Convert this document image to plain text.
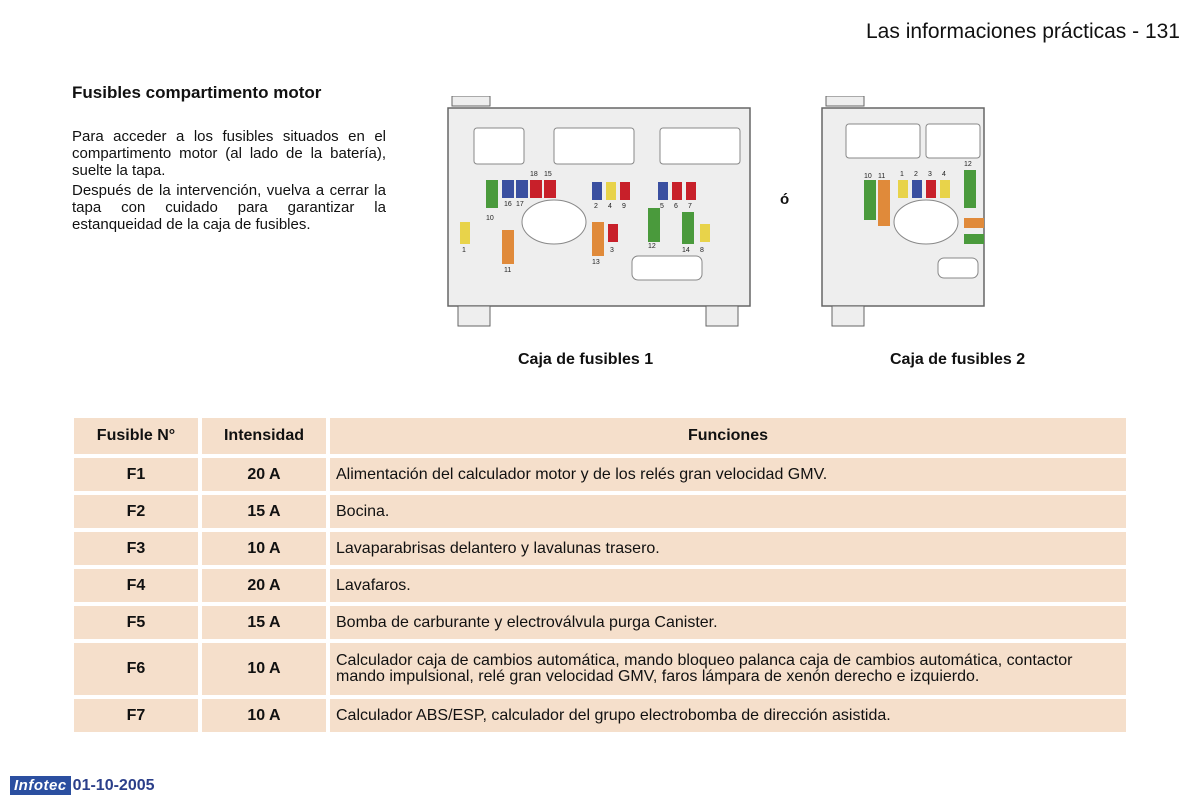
Las informaciones prácticas - 131
Fusibles compartimento motor
Para acceder a los fusibles situados en el compartimento motor (al lado de la batería), suelte la tapa.
Después de la intervención, vuelva a cerrar la tapa con cuidado para garantizar la estanqueidad de la caja de fusibles.	10
16 17
18 15
1
11
2 4 9
13
3
5 6 7
12
14 8
ó
10 11 1 2 3 4
12
Caja de fusibles 1	Caja de fusibles 2
Fusible N°	Intensidad	Funciones
F1	20 A	Alimentación del calculador motor y de los relés gran velocidad GMV.
F2	15 A	Bocina.
F3	10 A	Lavaparabrisas delantero y lavalunas trasero.
F4	20 A	Lavafaros.
F5	15 A	Bomba de carburante y electroválvula purga Canister.
F6	10 A	Calculador caja de cambios automática, mando bloqueo palanca caja de cambios automática, contactor mando impulsional, relé gran velocidad GMV, faros lámpara de xenón derecho e izquierdo.
F7	10 A	Calculador ABS/ESP, calculador del grupo electrobomba de dirección asistida.
Infotec 01-10-2005
